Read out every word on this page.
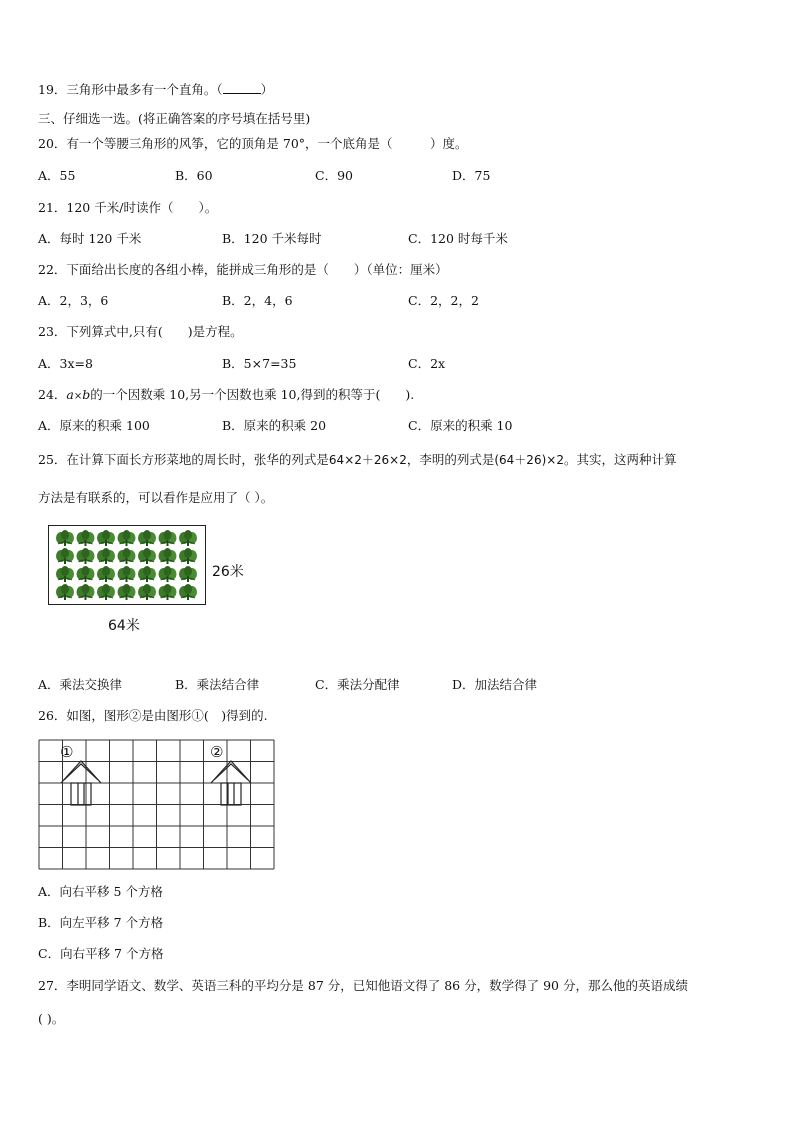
19．三角形中最多有一个直角。（	）
三、仔细选一选。(将正确答案的序号填在括号里)
20．有一个等腰三角形的风筝，它的顶角是 70°，一个底角是（　　　）度。
A．55	B．60	C．90	D．75
21．120 千米/时读作（　　）。
A．每时 120 千米	B．120 千米每时	C．120 时每千米
22．下面给出长度的各组小棒，能拼成三角形的是（　　）（单位：厘米）
A．2，3，6	B．2，4，6	C．2，2，2
23．下列算式中,只有(　　)是方程。
A．3x=8	B．5×7=35	C．2x
24．a×b的一个因数乘 10,另一个因数也乘 10,得到的积等于(　　).
A．原来的积乘 100	B．原来的积乘 20	C．原来的积乘 10
25．在计算下面长方形菜地的周长时，张华的列式是64×2＋26×2，李明的列式是(64＋26)×2。其实，这两种计算
方法是有联系的，可以看作是应用了（ ）。
26米
64米
A．乘法交换律	B．乘法结合律	C．乘法分配律	D．加法结合律
26．如图，图形②是由图形①(　)得到的.
①	②
A．向右平移 5 个方格
B．向左平移 7 个方格
C．向右平移 7 个方格
27．李明同学语文、数学、英语三科的平均分是 87 分，已知他语文得了 86 分，数学得了 90 分，那么他的英语成绩
( )。
